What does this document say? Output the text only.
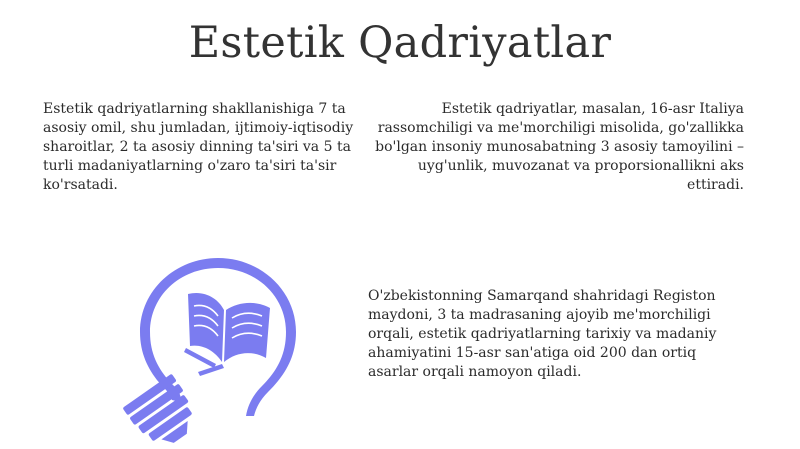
Estetik Qadriyatlar
Estetik qadriyatlarning shakllanishiga 7 ta asosiy omil, shu jumladan, ijtimoiy-iqtisodiy sharoitlar, 2 ta asosiy dinning ta'siri va 5 ta turli madaniyatlarning o'zaro ta'siri ta'sir ko'rsatadi.
Estetik qadriyatlar, masalan, 16-asr Italiya rassomchiligi va me'morchiligi misolida, go'zallikka bo'lgan insoniy munosabatning 3 asosiy tamoyilini – uyg'unlik, muvozanat va proporsionallikni aks ettiradi.
O'zbekistonning Samarqand shahridagi Registon maydoni, 3 ta madrasaning ajoyib me'morchiligi orqali, estetik qadriyatlarning tarixiy va madaniy ahamiyatini 15-asr san'atiga oid 200 dan ortiq asarlar orqali namoyon qiladi.
